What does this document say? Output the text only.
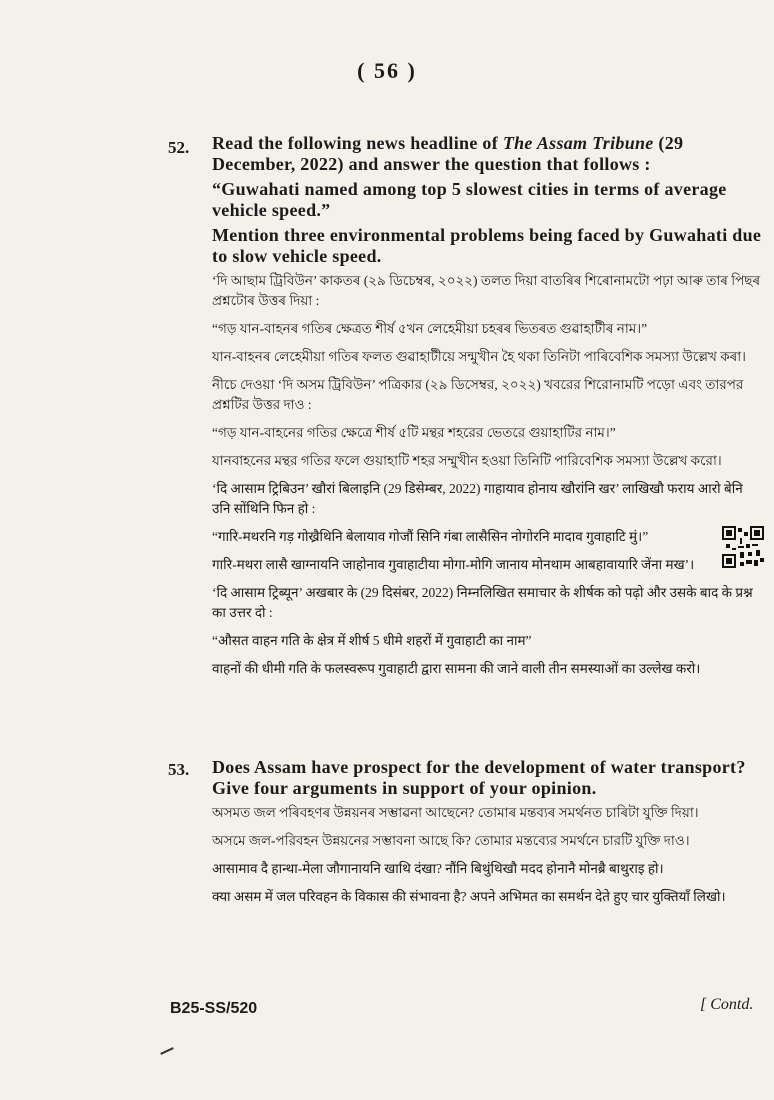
( 56 )
52. Read the following news headline of The Assam Tribune (29 December, 2022) and answer the question that follows :

“Guwahati named among top 5 slowest cities in terms of average vehicle speed.”

Mention three environmental problems being faced by Guwahati due to slow vehicle speed.

‘দি আছাম ট্ৰিবিউন’ কাকতৰ (২৯ ডিচেম্বৰ, ২০২২) তলত দিয়া বাতৰিৰ শিৰোনামটো পঢ়া আৰু তাৰ পিছৰ প্ৰশ্নটোৰ উত্তৰ দিয়া :

“গড় যান-বাহনৰ গতিৰ ক্ষেত্ৰত শীৰ্ষ ৫খন লেহেমীয়া চহৰৰ ভিতৰত গুৱাহাটীৰ নাম।”

যান-বাহনৰ লেহেমীয়া গতিৰ ফলত গুৱাহাটীয়ে সন্মুখীন হৈ থকা তিনিটা পাৰিবেশিক সমস্যা উল্লেখ কৰা।

নীচে দেওয়া ‘দি অসম ট্রিবিউন’ পত্রিকার (২৯ ডিসেম্বর, ২০২২) খবরের শিরোনামটি পড়ো এবং তারপর প্রশ্নটির উত্তর দাও :

“গড় যান-বাহনের গতির ক্ষেত্রে শীর্ষ ৫টি মন্থর শহরের ভেতরে গুয়াহাটির নাম।”

যানবাহনের মন্থর গতির ফলে গুয়াহাটি শহর সম্মুখীন হওয়া তিনিটি পারিবেশিক সমস্যা উল্লেখ করো।

‘दि आसाम ट्रिबिउन’ खौरां बिलाइनि (29 डिसेम्बर, 2022) गाहायाव होनाय खौरांनि खर’ लाखिखौ फराय आरो बेनि उनि सोंथिनि फिन हो :

“गारि-मथरनि गड़ गोख्रैथिनि बेलायाव गोजौं सिनि गंबा लासैसिन नोगोरनि मादाव गुवाहाटि मुं।”

गारि-मथरा लासै खाग्नायनि जाहोनाव गुवाहाटीया मोगा-मोगि जानाय मोनथाम आबहावायारि जेंना मख’।

‘दि आसाम ट्रिब्यून’ अखबार के (29 दिसंबर, 2022) निम्नलिखित समाचार के शीर्षक को पढ़ो और उसके बाद के प्रश्न का उत्तर दो :

“औसत वाहन गति के क्षेत्र में शीर्ष 5 धीमे शहरों में गुवाहाटी का नाम”

वाहनों की धीमी गति के फलस्वरूप गुवाहाटी द्वारा सामना की जाने वाली तीन समस्याओं का उल्लेख करो।

53. Does Assam have prospect for the development of water transport? Give four arguments in support of your opinion.

অসমত জল পৰিবহণৰ উন্নয়নৰ সম্ভাৱনা আছেনে? তোমাৰ মন্তব্যৰ সমৰ্থনত চাৰিটা যুক্তি দিয়া।

অসমে জল-পরিবহন উন্নয়নের সম্ভাবনা আছে কি? তোমার মন্তব্যের সমর্থনে চারটি যুক্তি দাও।

आसामाव दै हान्था-मेला जौगानायनि खाथि दंखा? नौंनि बिथुंथिखौ मदद होनानै मोनब्रै बाथुराइ हो।

क्या असम में जल परिवहन के विकास की संभावना है? अपने अभिमत का समर्थन देते हुए चार युक्तियाँ लिखो।

B25-SS/520	[ Contd.
